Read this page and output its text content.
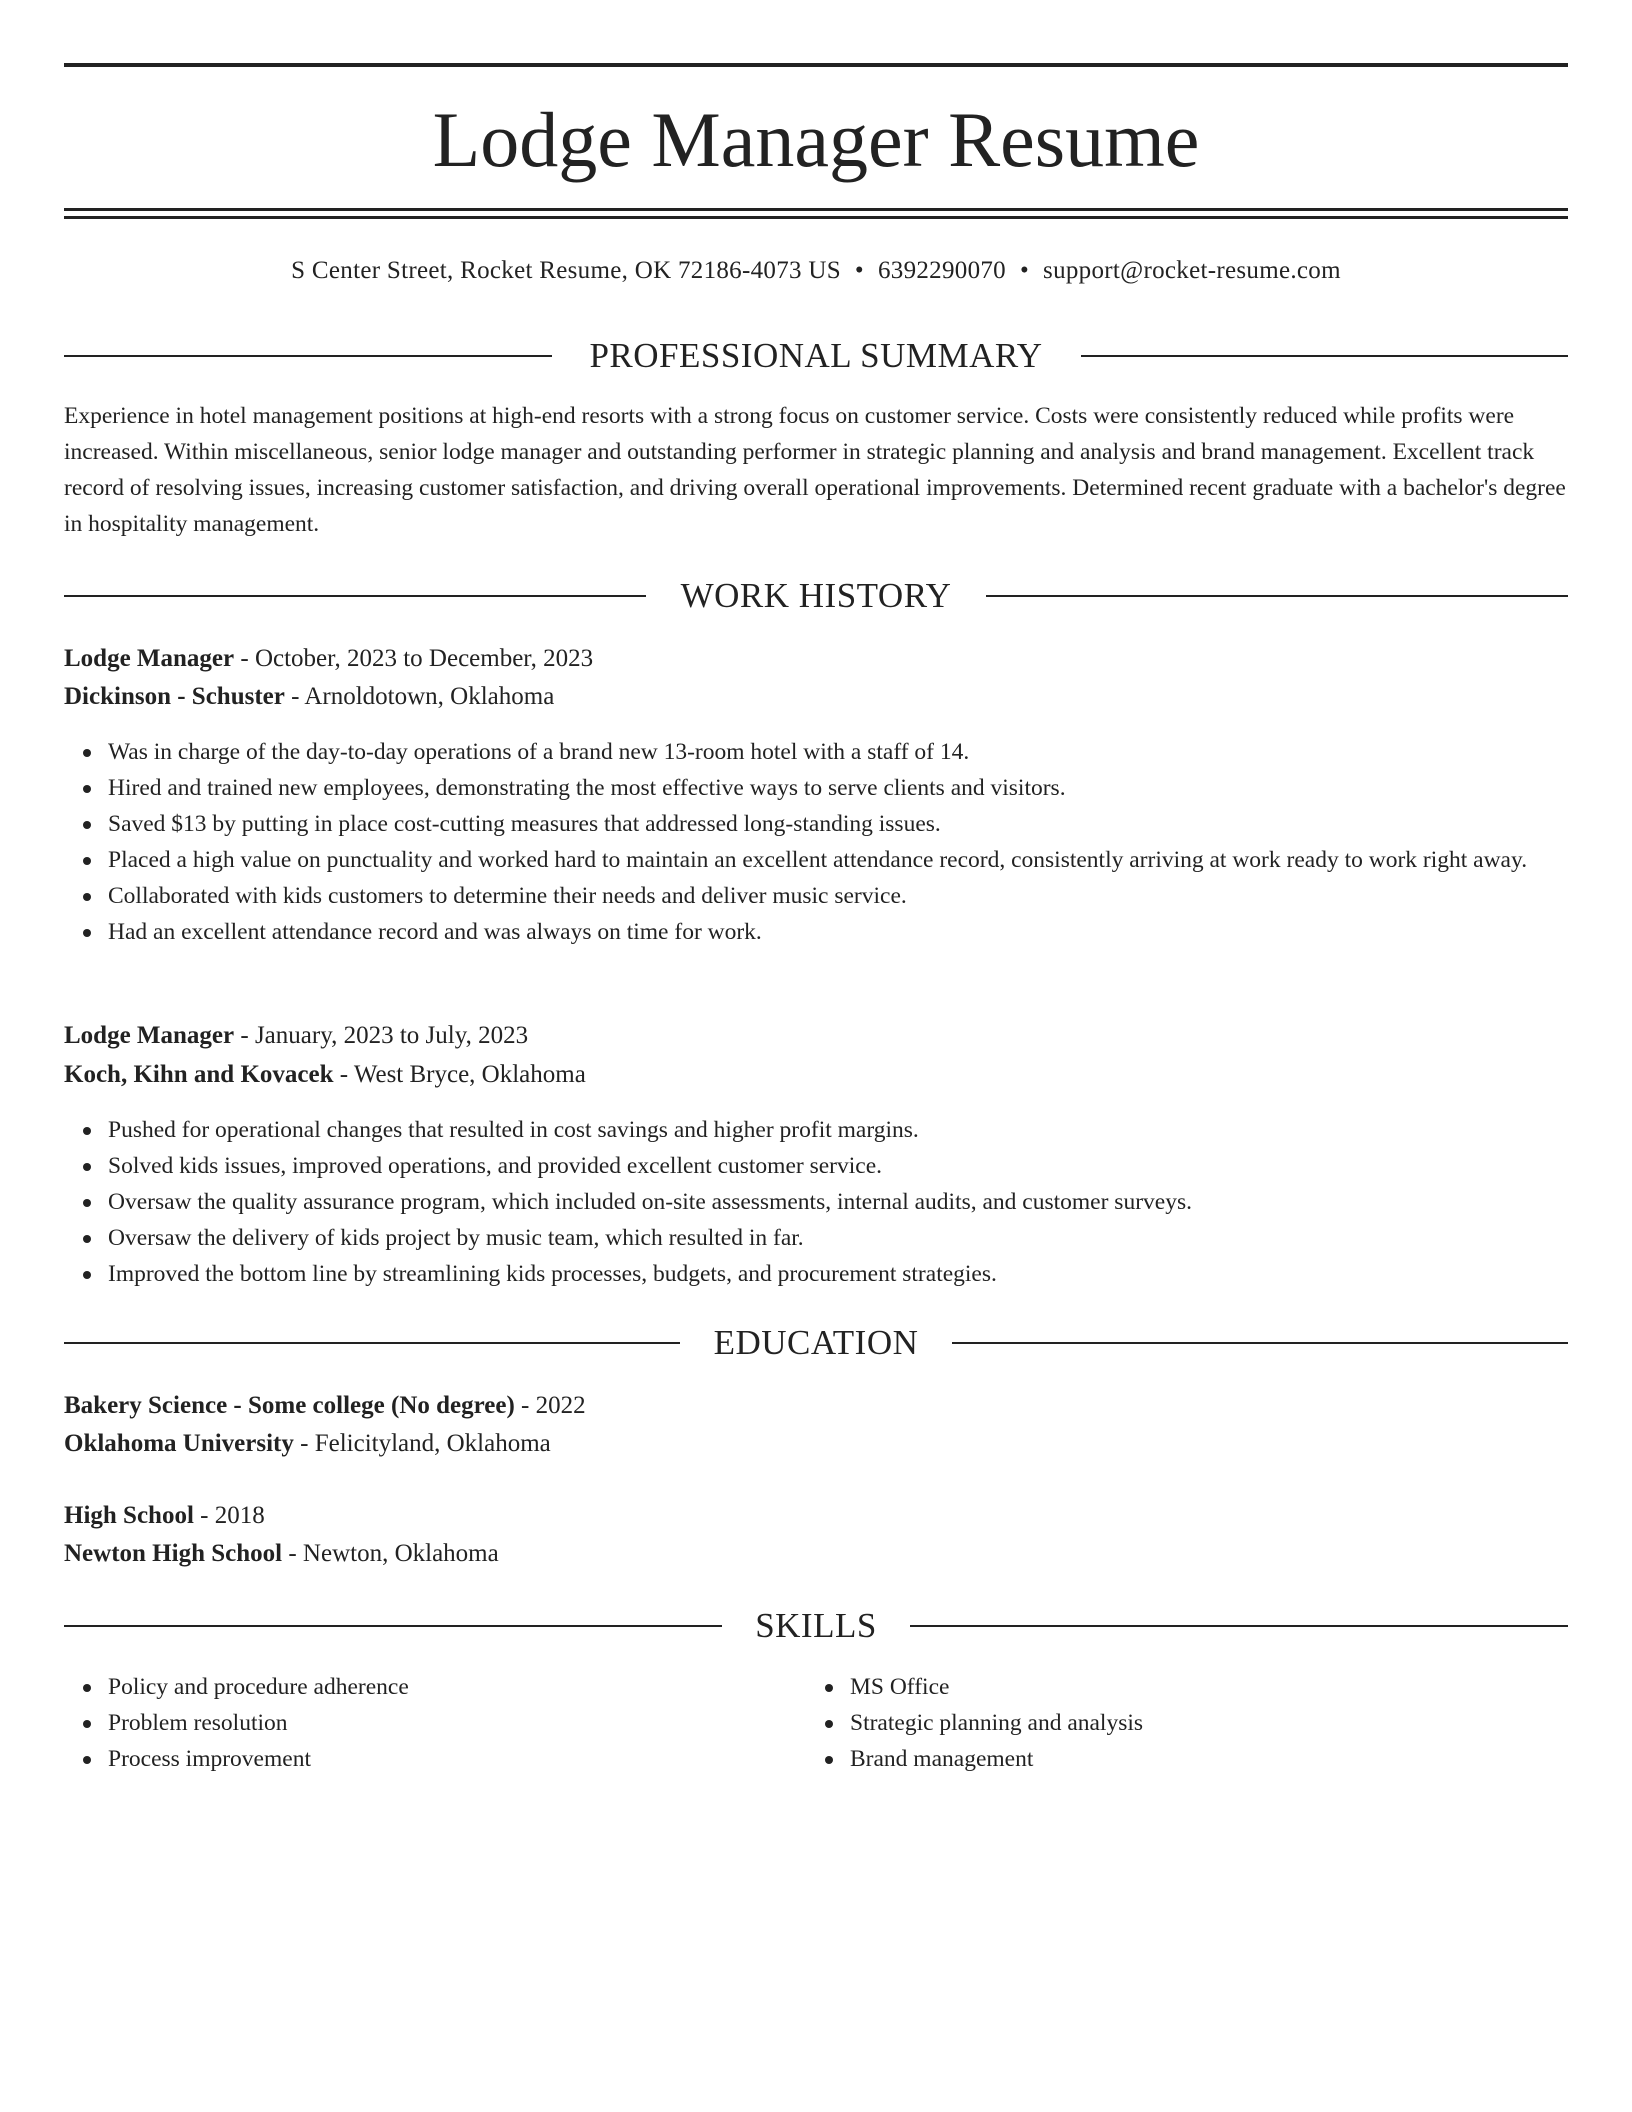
Lodge Manager Resume
S Center Street, Rocket Resume, OK 72186-4073 US • 6392290070 • support@rocket-resume.com
PROFESSIONAL SUMMARY
Experience in hotel management positions at high-end resorts with a strong focus on customer service. Costs were consistently reduced while profits were increased. Within miscellaneous, senior lodge manager and outstanding performer in strategic planning and analysis and brand management. Excellent track record of resolving issues, increasing customer satisfaction, and driving overall operational improvements. Determined recent graduate with a bachelor's degree in hospitality management.
WORK HISTORY
Lodge Manager - October, 2023 to December, 2023
Dickinson - Schuster - Arnoldotown, Oklahoma
Was in charge of the day-to-day operations of a brand new 13-room hotel with a staff of 14.
Hired and trained new employees, demonstrating the most effective ways to serve clients and visitors.
Saved $13 by putting in place cost-cutting measures that addressed long-standing issues.
Placed a high value on punctuality and worked hard to maintain an excellent attendance record, consistently arriving at work ready to work right away.
Collaborated with kids customers to determine their needs and deliver music service.
Had an excellent attendance record and was always on time for work.
Lodge Manager - January, 2023 to July, 2023
Koch, Kihn and Kovacek - West Bryce, Oklahoma
Pushed for operational changes that resulted in cost savings and higher profit margins.
Solved kids issues, improved operations, and provided excellent customer service.
Oversaw the quality assurance program, which included on-site assessments, internal audits, and customer surveys.
Oversaw the delivery of kids project by music team, which resulted in far.
Improved the bottom line by streamlining kids processes, budgets, and procurement strategies.
EDUCATION
Bakery Science - Some college (No degree) - 2022
Oklahoma University - Felicityland, Oklahoma
High School - 2018
Newton High School - Newton, Oklahoma
SKILLS
Policy and procedure adherence
Problem resolution
Process improvement
MS Office
Strategic planning and analysis
Brand management
